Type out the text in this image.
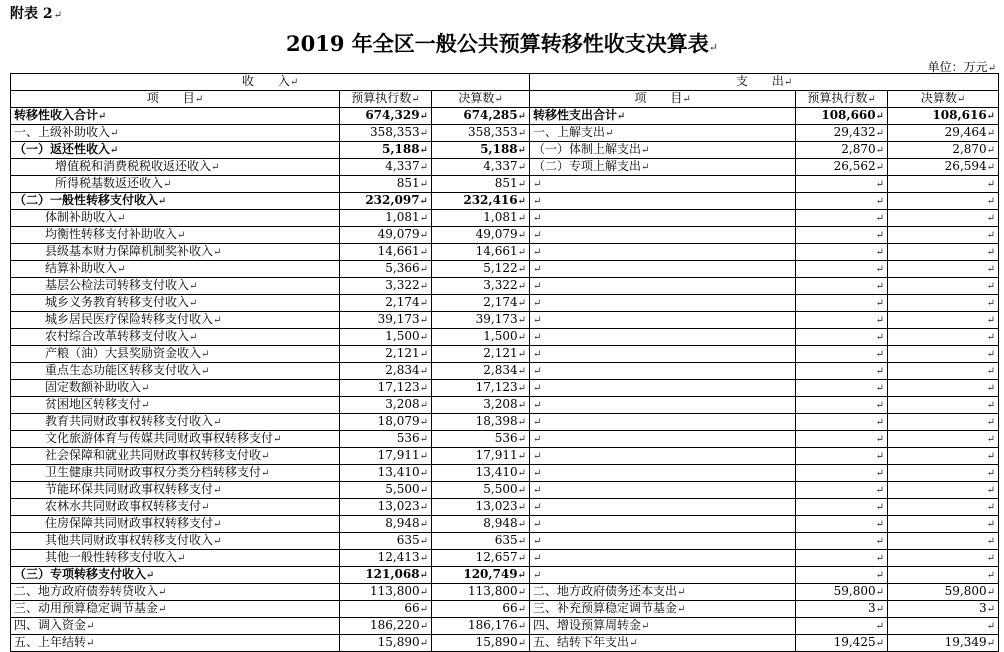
附表 2↵
2019 年全区一般公共预算转移性收支决算表↵
单位：万元↵
收　　入↵			支　　出↵		
项　　目↵	预算执行数↵	决算数↵	项　　目↵	预算执行数↵	决算数↵
转移性收入合计↵	674,329↵	674,285↵	转移性支出合计↵	108,660↵	108,616↵
一、上级补助收入↵	358,353↵	358,353↵	一、上解支出↵	29,432↵	29,464↵
（一）返还性收入↵	5,188↵	5,188↵	（一）体制上解支出↵	2,870↵	2,870↵
增值税和消费税税收返还收入↵	4,337↵	4,337↵	（二）专项上解支出↵	26,562↵	26,594↵
所得税基数返还收入↵	851↵	851↵	↵	↵	↵
（二）一般性转移支付收入↵	232,097↵	232,416↵	↵	↵	↵
体制补助收入↵	1,081↵	1,081↵	↵	↵	↵
均衡性转移支付补助收入↵	49,079↵	49,079↵	↵	↵	↵
县级基本财力保障机制奖补收入↵	14,661↵	14,661↵	↵	↵	↵
结算补助收入↵	5,366↵	5,122↵	↵	↵	↵
基层公检法司转移支付收入↵	3,322↵	3,322↵	↵	↵	↵
城乡义务教育转移支付收入↵	2,174↵	2,174↵	↵	↵	↵
城乡居民医疗保险转移支付收入↵	39,173↵	39,173↵	↵	↵	↵
农村综合改革转移支付收入↵	1,500↵	1,500↵	↵	↵	↵
产粮（油）大县奖励资金收入↵	2,121↵	2,121↵	↵	↵	↵
重点生态功能区转移支付收入↵	2,834↵	2,834↵	↵	↵	↵
固定数额补助收入↵	17,123↵	17,123↵	↵	↵	↵
贫困地区转移支付↵	3,208↵	3,208↵	↵	↵	↵
教育共同财政事权转移支付收入↵	18,079↵	18,398↵	↵	↵	↵
文化旅游体育与传媒共同财政事权转移支付↵	536↵	536↵	↵	↵	↵
社会保障和就业共同财政事权转移支付收↵	17,911↵	17,911↵	↵	↵	↵
卫生健康共同财政事权分类分档转移支付↵	13,410↵	13,410↵	↵	↵	↵
节能环保共同财政事权转移支付↵	5,500↵	5,500↵	↵	↵	↵
农林水共同财政事权转移支付↵	13,023↵	13,023↵	↵	↵	↵
住房保障共同财政事权转移支付↵	8,948↵	8,948↵	↵	↵	↵
其他共同财政事权转移支付收入↵	635↵	635↵	↵	↵	↵
其他一般性转移支付收入↵	12,413↵	12,657↵	↵	↵	↵
（三）专项转移支付收入↵	121,068↵	120,749↵	↵	↵	↵
二、地方政府债券转贷收入↵	113,800↵	113,800↵	二、地方政府债务还本支出↵	59,800↵	59,800↵
三、动用预算稳定调节基金↵	66↵	66↵	三、补充预算稳定调节基金↵	3↵	3↵
四、调入资金↵	186,220↵	186,176↵	四、增设预算周转金↵	↵	↵
五、上年结转↵	15,890↵	15,890↵	五、结转下年支出↵	19,425↵	19,349↵
